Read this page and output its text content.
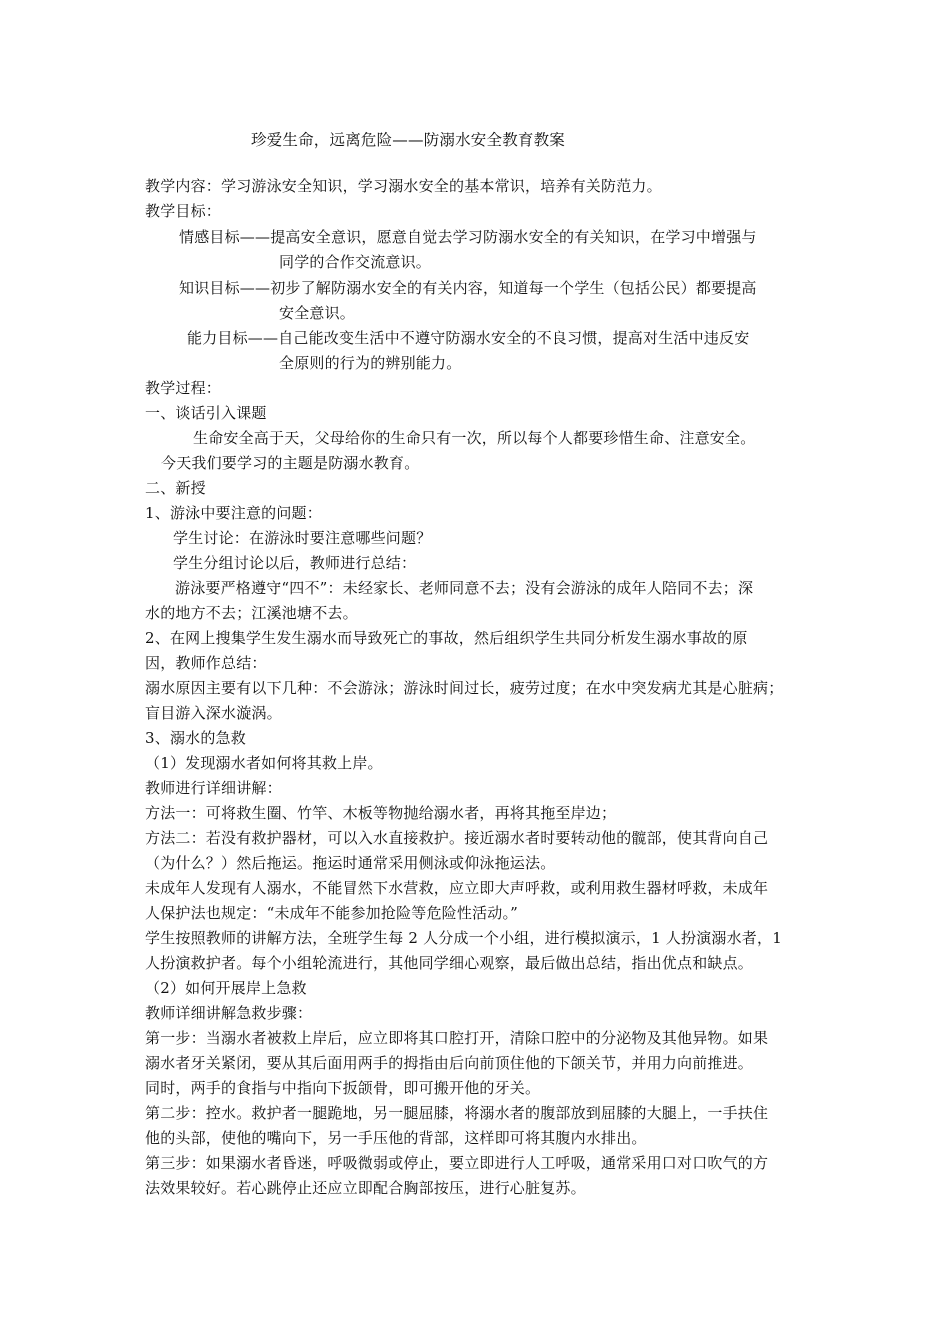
珍爱生命，远离危险——防溺水安全教育教案
教学内容：学习游泳安全知识，学习溺水安全的基本常识，培养有关防范力。
教学目标：
情感目标——提高安全意识，愿意自觉去学习防溺水安全的有关知识，在学习中增强与
同学的合作交流意识。
知识目标——初步了解防溺水安全的有关内容，知道每一个学生（包括公民）都要提高
安全意识。
能力目标——自己能改变生活中不遵守防溺水安全的不良习惯，提高对生活中违反安
全原则的行为的辨别能力。
教学过程：
一、谈话引入课题
生命安全高于天，父母给你的生命只有一次，所以每个人都要珍惜生命、注意安全。
今天我们要学习的主题是防溺水教育。
二、新授
1、游泳中要注意的问题：
学生讨论：在游泳时要注意哪些问题？
学生分组讨论以后，教师进行总结：
游泳要严格遵守“四不”：未经家长、老师同意不去；没有会游泳的成年人陪同不去；深
水的地方不去；江溪池塘不去。
2、在网上搜集学生发生溺水而导致死亡的事故，然后组织学生共同分析发生溺水事故的原
因，教师作总结：
溺水原因主要有以下几种：不会游泳；游泳时间过长，疲劳过度；在水中突发病尤其是心脏病；
盲目游入深水漩涡。
3、溺水的急救
（1）发现溺水者如何将其救上岸。
教师进行详细讲解：
方法一：可将救生圈、竹竿、木板等物抛给溺水者，再将其拖至岸边；
方法二：若没有救护器材，可以入水直接救护。接近溺水者时要转动他的髋部，使其背向自己
（为什么？）然后拖运。拖运时通常采用侧泳或仰泳拖运法。
未成年人发现有人溺水，不能冒然下水营救，应立即大声呼救，或利用救生器材呼救，未成年
人保护法也规定：“未成年不能参加抢险等危险性活动。”
学生按照教师的讲解方法，全班学生每 2 人分成一个小组，进行模拟演示，1 人扮演溺水者，1
人扮演救护者。每个小组轮流进行，其他同学细心观察，最后做出总结，指出优点和缺点。
（2）如何开展岸上急救
教师详细讲解急救步骤：
第一步：当溺水者被救上岸后，应立即将其口腔打开，清除口腔中的分泌物及其他异物。如果
溺水者牙关紧闭，要从其后面用两手的拇指由后向前顶住他的下颌关节，并用力向前推进。
同时，两手的食指与中指向下扳颌骨，即可搬开他的牙关。
第二步：控水。救护者一腿跪地，另一腿屈膝，将溺水者的腹部放到屈膝的大腿上，一手扶住
他的头部，使他的嘴向下，另一手压他的背部，这样即可将其腹内水排出。
第三步：如果溺水者昏迷，呼吸微弱或停止，要立即进行人工呼吸，通常采用口对口吹气的方
法效果较好。若心跳停止还应立即配合胸部按压，进行心脏复苏。
